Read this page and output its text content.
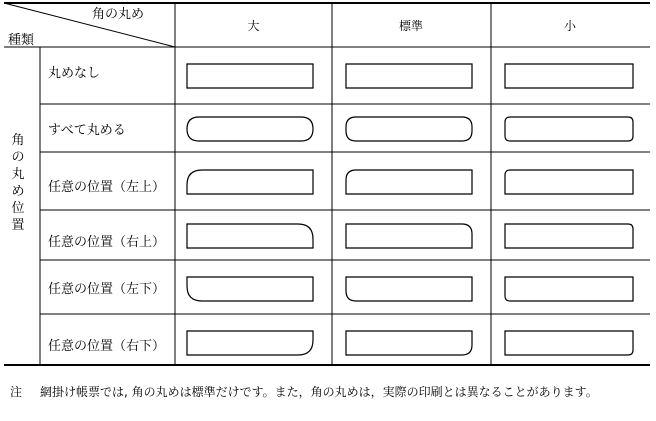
角の丸め
種類
大	標準	小
角
の
丸
め
位
置
丸めなし
すべて丸める
任意の位置（左上）
任意の位置（右上）
任意の位置（左下）
任意の位置（右下）
注 網掛け帳票では, 角の丸めは標準だけです。また，角の丸めは，実際の印刷とは異なることがあります。
